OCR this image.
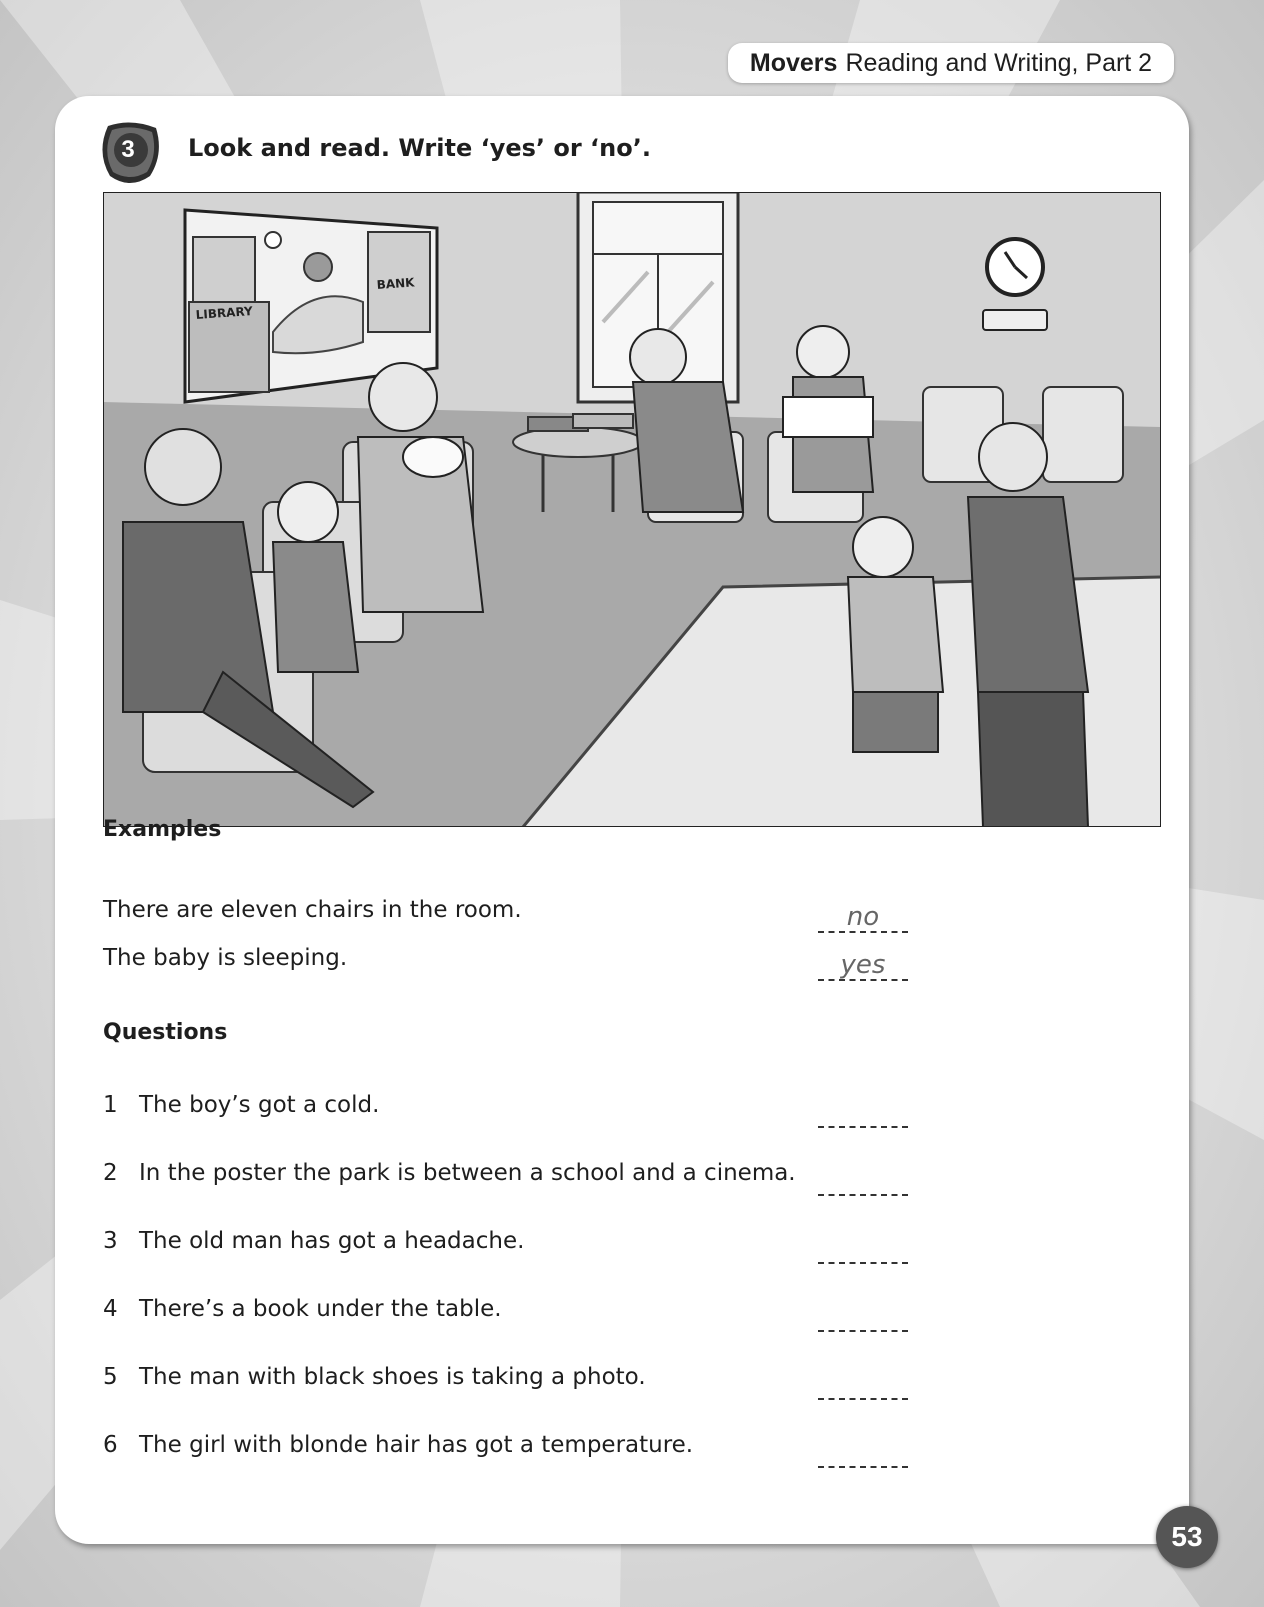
Movers Reading and Writing, Part 2
3	Look and read. Write ‘yes’ or ‘no’.
LIBRARY
BANK
Examples
There are eleven chairs in the room.	no
The baby is sleeping.	yes
Questions
1 The boy’s got a cold.
2 In the poster the park is between a school and a cinema.
3 The old man has got a headache.
4 There’s a book under the table.
5 The man with black shoes is taking a photo.
6 The girl with blonde hair has got a temperature.
53
